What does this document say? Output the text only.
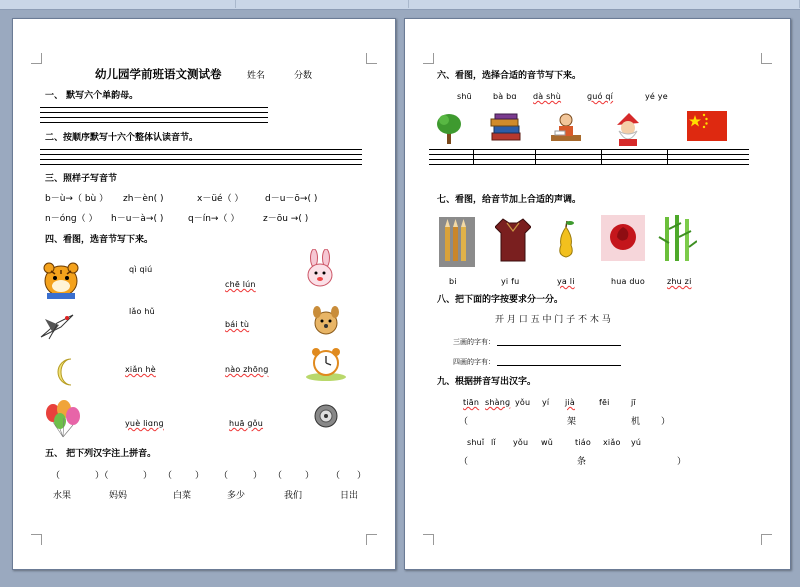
幼儿园学前班语文测试卷	姓名	分数
一、 默写六个单韵母。
二、按顺序默写十六个整体认读音节。
三、照样子写音节
b－ù→（ bù ） zh－èn( )	x－üé（ ） d－u－ō→( )
n－ónɡ（ ） h－u－à→( )	q－ín→（ ）	z－ōu →( )
四、看图，选音节写下来。
qì qiú
chē lún
lǎo hǔ
bái tù
xiǎn hè	nào zhōnɡ
yuè liɑnɡ	huā ɡǒu
五、 把下列汉字注上拼音。
（	）（	） （	） （	） （	） （ ）
水果	妈妈	白菜	多少	我们	日出
六、看图，选择合适的音节写下来。
shū	bà bɑ dà shù	ɡuó qí	yé ye
七、看图，给音节加上合适的声调。
bi	yi fu	ya li	hua duo	zhu zi
八、把下面的字按要求分一分。
开 月 口 五 中 门 子 不 木 马
三画的字有：
四画的字有：
九、根据拼音写出汉字。
tiān shànɡ yǒu yí jià	fēi	jī
（	架	机 ）
shuǐ lǐ yǒu wǔ	tiáo xiǎo yú
（	条	）
